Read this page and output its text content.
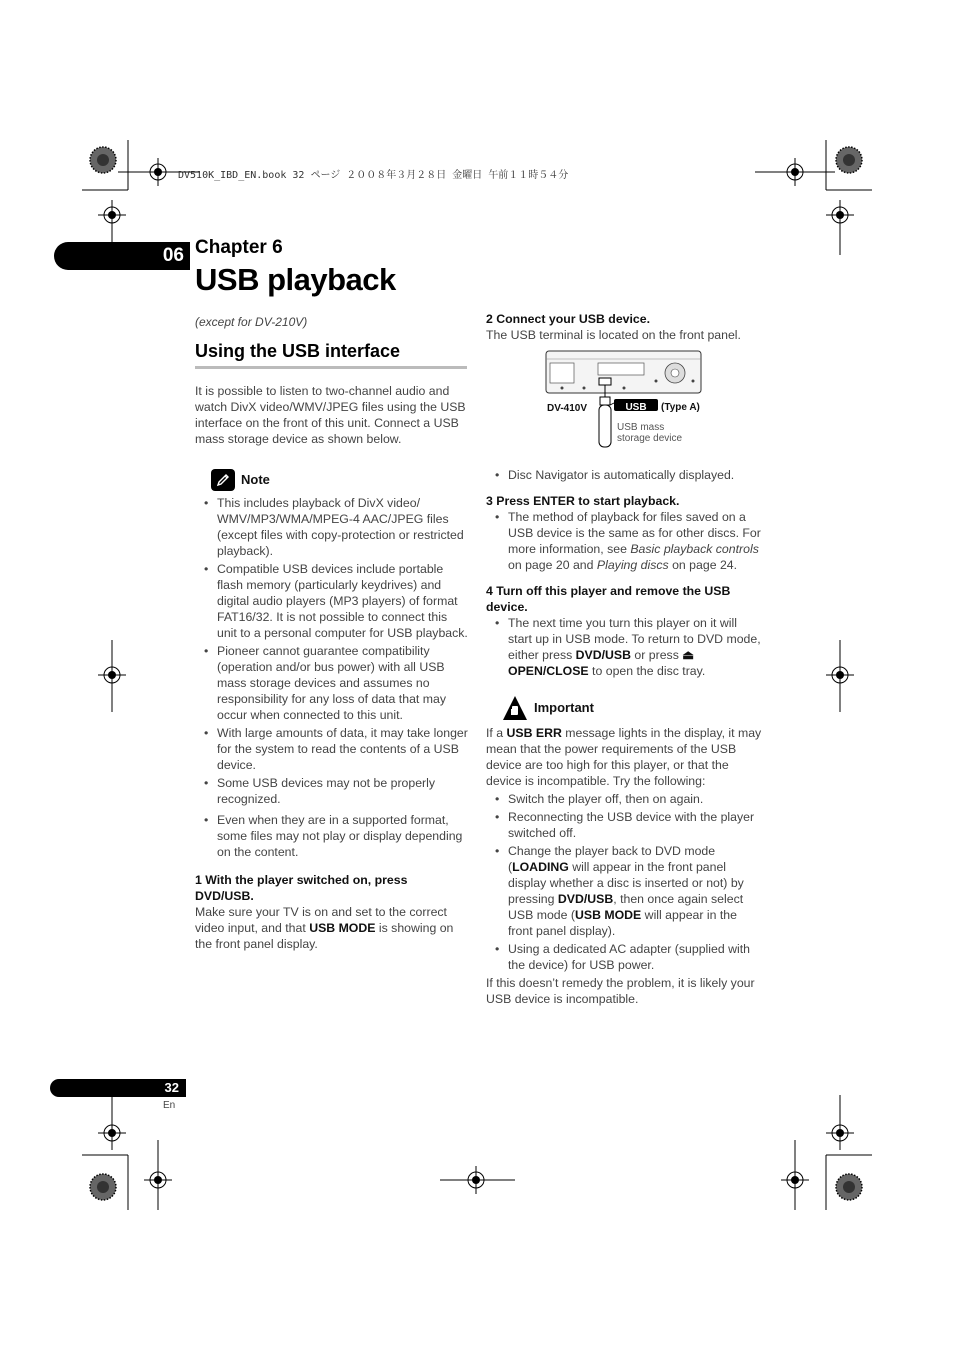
DV510K_IBD_EN.book 32 ページ ２００８年３月２８日 金曜日 午前１１時５４分
06 Chapter 6
USB playback
(except for DV-210V)
Using the USB interface

It is possible to listen to two-channel audio and watch DivX video/WMV/JPEG files using the USB interface on the front of this unit. Connect a USB mass storage device as shown below.

Note
• This includes playback of DivX video/ WMV/MP3/WMA/MPEG-4 AAC/JPEG files (except files with copy-protection or restricted playback).
• Compatible USB devices include portable flash memory (particularly keydrives) and digital audio players (MP3 players) of format FAT16/32. It is not possible to connect this unit to a personal computer for USB playback.
• Pioneer cannot guarantee compatibility (operation and/or bus power) with all USB mass storage devices and assumes no responsibility for any loss of data that may occur when connected to this unit.
• With large amounts of data, it may take longer for the system to read the contents of a USB device.
• Some USB devices may not be properly recognized.
• Even when they are in a supported format, some files may not play or display depending on the content.

1 With the player switched on, press DVD/USB.

Make sure your TV is on and set to the correct video input, and that USB MODE is showing on the front panel display.

2 Connect your USB device.

The USB terminal is located on the front panel.

DV-410V	USB	(Type A)
USB mass
storage device
• Disc Navigator is automatically displayed.

3 Press ENTER to start playback.

• The method of playback for files saved on a USB device is the same as for other discs. For more information, see Basic playback controls on page 20 and Playing discs on page 24.

4 Turn off this player and remove the USB device.

• The next time you turn this player on it will start up in USB mode. To return to DVD mode, either press DVD/USB or press ⏏ OPEN/CLOSE to open the disc tray.
Important

If a USB ERR message lights in the display, it may mean that the power requirements of the USB device are too high for this player, or that the device is incompatible. Try the following:

• Switch the player off, then on again.
• Reconnecting the USB device with the player switched off.
• Change the player back to DVD mode (LOADING will appear in the front panel display whether a disc is inserted or not) by pressing DVD/USB, then once again select USB mode (USB MODE will appear in the front panel display).
• Using a dedicated AC adapter (supplied with the device) for USB power.

If this doesn’t remedy the problem, it is likely your USB device is incompatible.

32
En
